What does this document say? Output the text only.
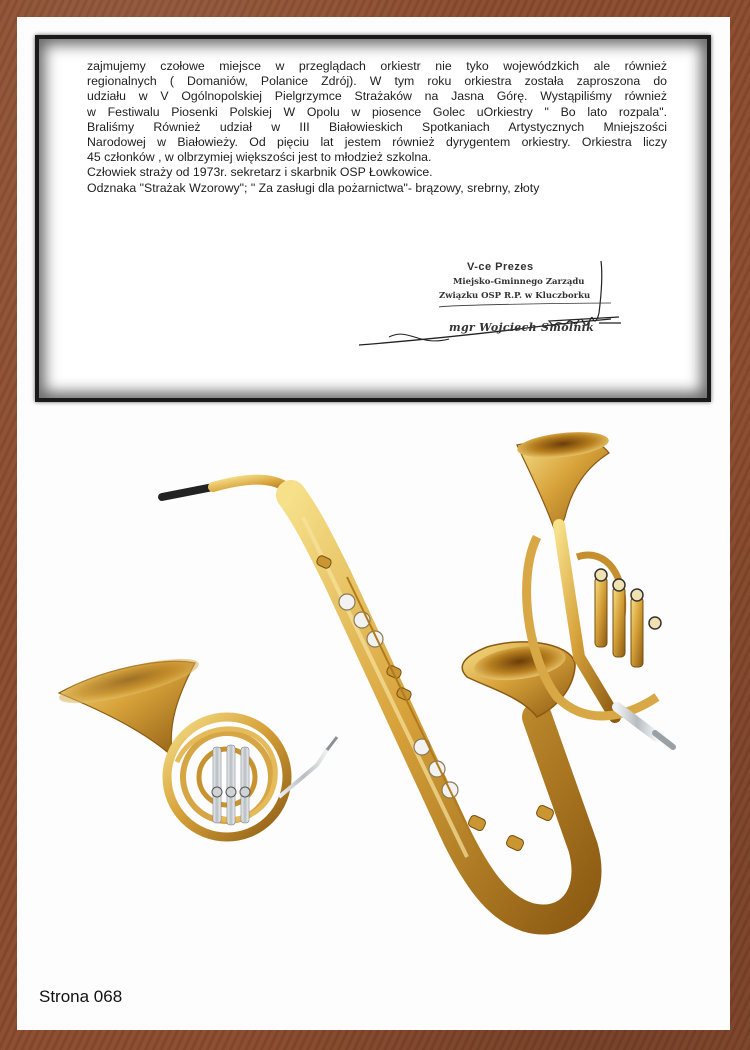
zajmujemy czołowe miejsce w przeglądach orkiestr nie tyko wojewódzkich ale również

regionalnych ( Domaniów, Polanice Zdrój). W tym roku orkiestra została zaproszona do

udziału w V Ogólnopolskiej Pielgrzymce Strażaków na Jasna Górę. Wystąpiliśmy również

w Festiwalu Piosenki Polskiej W Opolu w piosence Golec uOrkiestry " Bo lato rozpala".

Braliśmy Również udział w III Białowieskich Spotkaniach Artystycznych Mniejszości

Narodowej w Białowieży. Od pięciu lat jestem również dyrygentem orkiestry. Orkiestra liczy

45 członków , w olbrzymiej większości jest to młodzież szkolna.

Człowiek straży od 1973r. sekretarz i skarbnik OSP Łowkowice.

Odznaka "Strażak Wzorowy"; " Za zasługi dla pożarnictwa"- brązowy, srebrny, złoty

V-ce Prezes
Miejsko-Gminnego Zarządu
Związku OSP R.P. w Kluczborku
mgr Wojciech Smolnik
Strona 068
